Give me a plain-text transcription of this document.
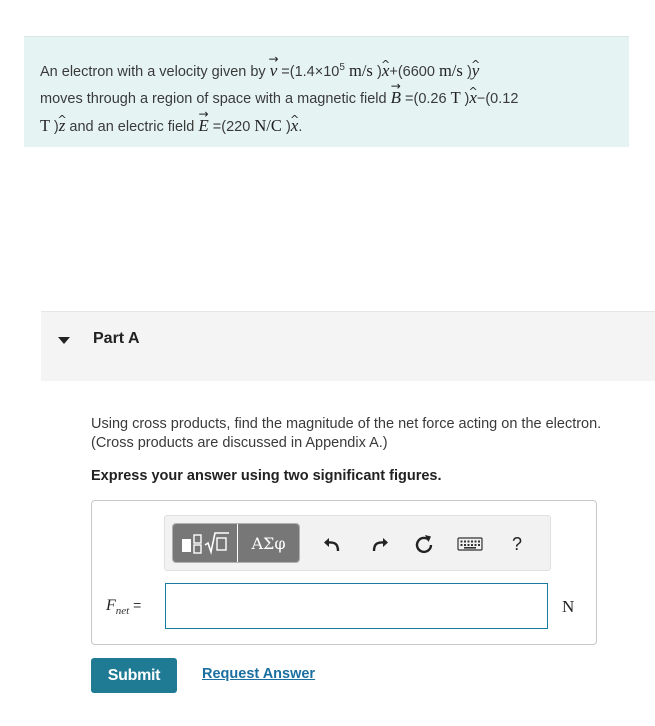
An electron with a velocity given by → $v =(1.4\times 10^5$ m/s )^ x+(6600 m/s )^ y
moves through a region of space with a magnetic field → B =(0.26 T )^ x−(0.12
T )^ z and an electric field → E =(220 N/C )^ x.
Part A
Using cross products, find the magnitude of the net force acting on the electron. (Cross products are discussed in Appendix A.)
Express your answer using two significant figures.
ΑΣφ	?
$F_{net}$ =	N
Submit	Request Answer
